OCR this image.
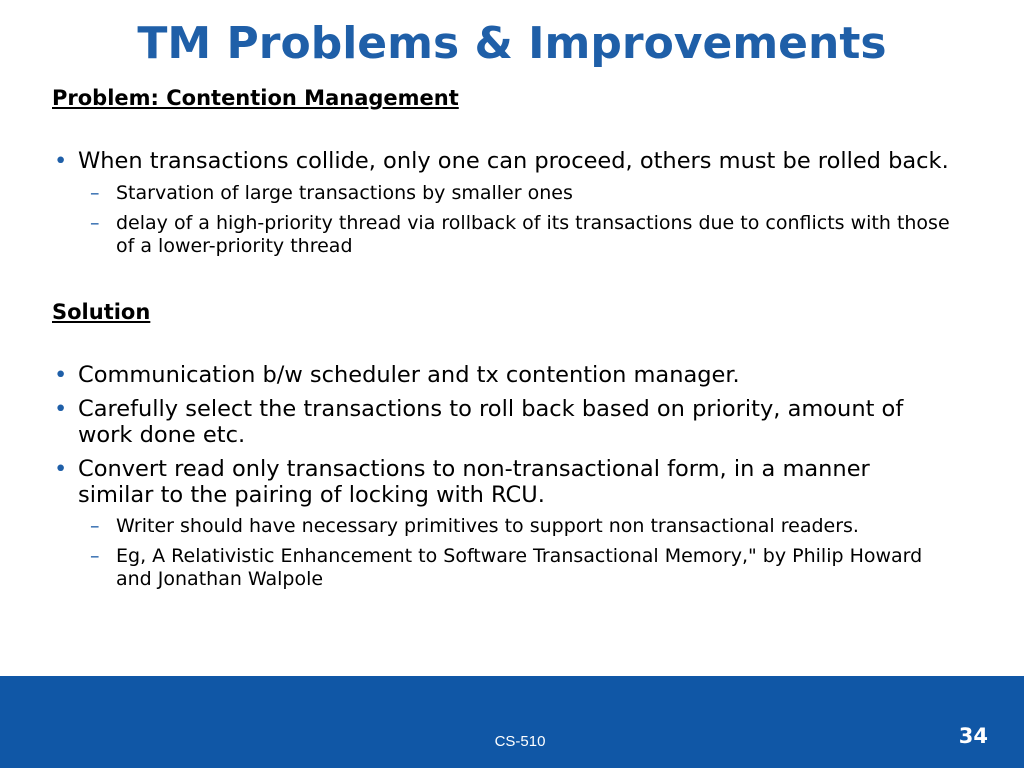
TM Problems & Improvements
Problem: Contention Management
• When transactions collide, only one can proceed, others must be rolled back.
– Starvation of large transactions by smaller ones
– delay of a high-priority thread via rollback of its transactions due to conflicts with those of a lower-priority thread
Solution
• Communication b/w scheduler and tx contention manager.
• Carefully select the transactions to roll back based on priority, amount of work done etc.
• Convert read only transactions to non-transactional form, in a manner similar to the pairing of locking with RCU.
– Writer should have necessary primitives to support non transactional readers.
– Eg, A Relativistic Enhancement to Software Transactional Memory," by Philip Howard and Jonathan Walpole
CS-510	34
